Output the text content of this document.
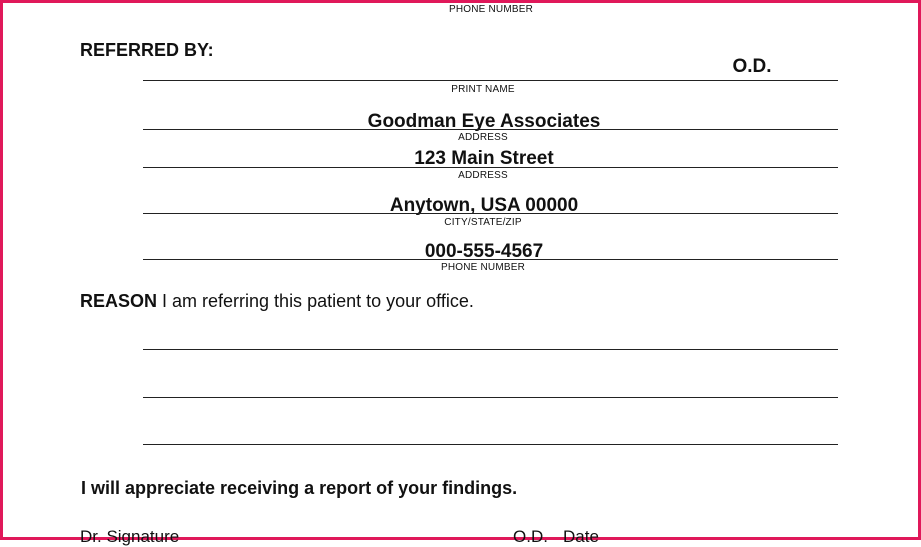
PHONE NUMBER
REFERRED BY:
O.D.
PRINT NAME
Goodman Eye Associates
ADDRESS
123 Main Street
ADDRESS
Anytown, USA 00000
CITY/STATE/ZIP
000-555-4567
PHONE NUMBER
REASON I am referring this patient to your office.
I will appreciate receiving a report of your findings.
Dr. Signature	O.D. Date
